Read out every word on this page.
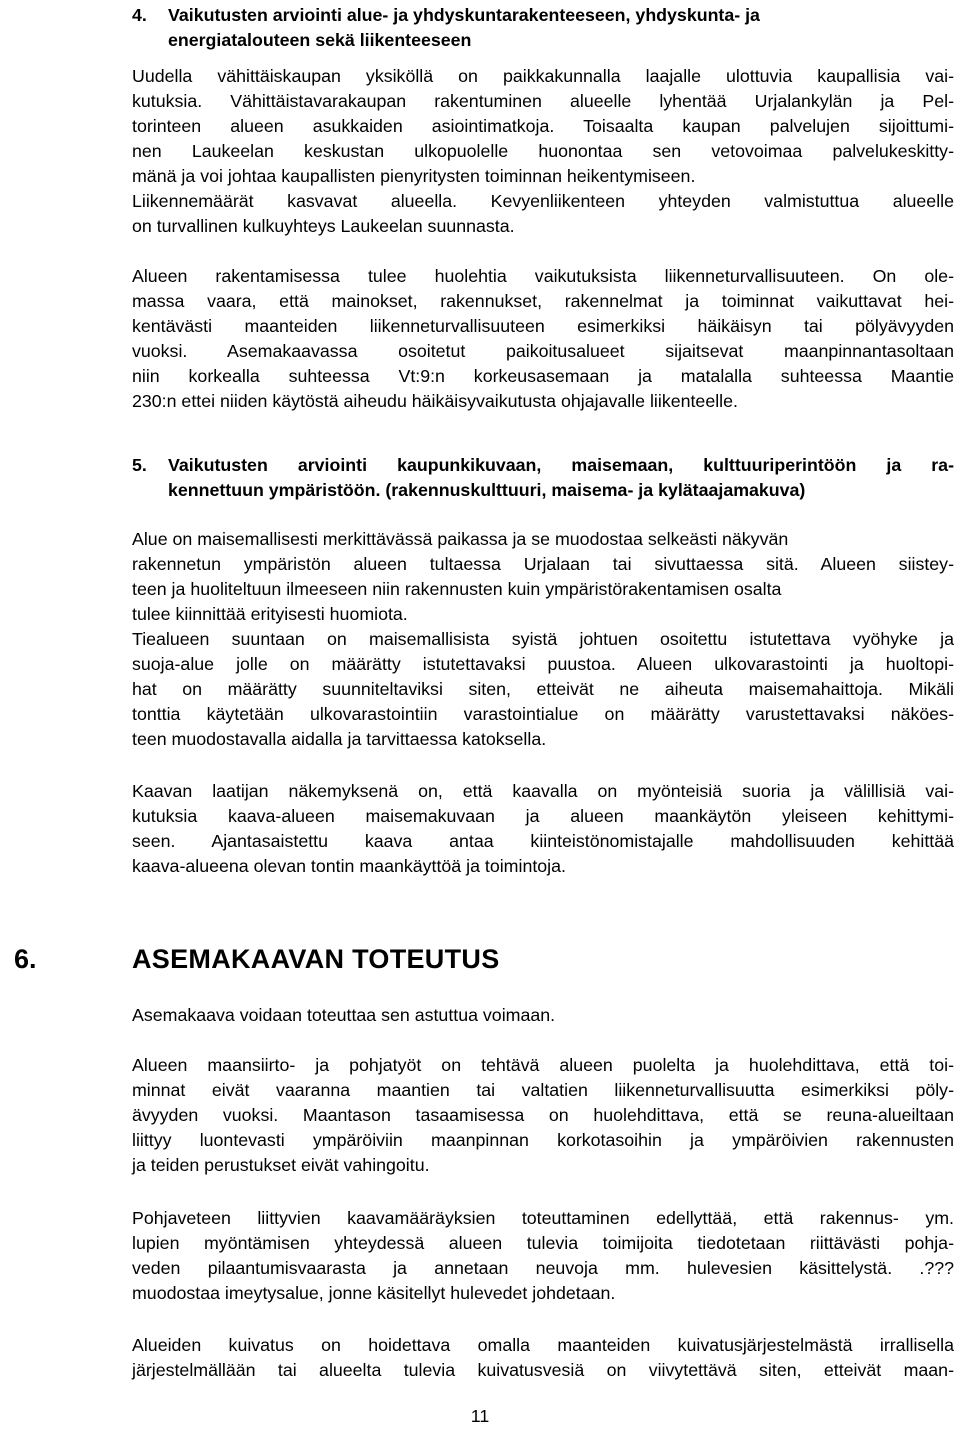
4. Vaikutusten arviointi alue- ja yhdyskuntarakenteeseen, yhdyskunta- ja
energiatalouteen sekä liikenteeseen
Uudella vähittäiskaupan yksiköllä on paikkakunnalla laajalle ulottuvia kaupallisia vai-
kutuksia. Vähittäistavarakaupan rakentuminen alueelle lyhentää Urjalankylän ja Pel-
torinteen alueen asukkaiden asiointimatkoja. Toisaalta kaupan palvelujen sijoittumi-
nen Laukeelan keskustan ulkopuolelle huonontaa sen vetovoimaa palvelukeskitty-
mänä ja voi johtaa kaupallisten pienyritysten toiminnan heikentymiseen.
Liikennemäärät kasvavat alueella. Kevyenliikenteen yhteyden valmistuttua alueelle
on turvallinen kulkuyhteys Laukeelan suunnasta.
Alueen rakentamisessa tulee huolehtia vaikutuksista liikenneturvallisuuteen. On ole-
massa vaara, että mainokset, rakennukset, rakennelmat ja toiminnat vaikuttavat hei-
kentävästi maanteiden liikenneturvallisuuteen esimerkiksi häikäisyn tai pölyävyyden
vuoksi. Asemakaavassa osoitetut paikoitusalueet sijaitsevat maanpinnantasoltaan
niin korkealla suhteessa Vt:9:n korkeusasemaan ja matalalla suhteessa Maantie
230:n ettei niiden käytöstä aiheudu häikäisyvaikutusta ohjajavalle liikenteelle.
5. Vaikutusten arviointi kaupunkikuvaan, maisemaan, kulttuuriperintöön ja ra-
kennettuun ympäristöön. (rakennuskulttuuri, maisema- ja kylätaajamakuva)
Alue on maisemallisesti merkittävässä paikassa ja se muodostaa selkeästi näkyvän
rakennetun ympäristön alueen tultaessa Urjalaan tai sivuttaessa sitä. Alueen siistey-
teen ja huoliteltuun ilmeeseen niin rakennusten kuin ympäristörakentamisen osalta
tulee kiinnittää erityisesti huomiota.
Tiealueen suuntaan on maisemallisista syistä johtuen osoitettu istutettava vyöhyke ja
suoja-alue jolle on määrätty istutettavaksi puustoa. Alueen ulkovarastointi ja huoltopi-
hat on määrätty suunniteltaviksi siten, etteivät ne aiheuta maisemahaittoja. Mikäli
tonttia käytetään ulkovarastointiin varastointialue on määrätty varustettavaksi näköes-
teen muodostavalla aidalla ja tarvittaessa katoksella.
Kaavan laatijan näkemyksenä on, että kaavalla on myönteisiä suoria ja välillisiä vai-
kutuksia kaava-alueen maisemakuvaan ja alueen maankäytön yleiseen kehittymi-
seen. Ajantasaistettu kaava antaa kiinteistönomistajalle mahdollisuuden kehittää
kaava-alueena olevan tontin maankäyttöä ja toimintoja.
6.	ASEMAKAAVAN TOTEUTUS
Asemakaava voidaan toteuttaa sen astuttua voimaan.
Alueen maansiirto- ja pohjatyöt on tehtävä alueen puolelta ja huolehdittava, että toi-
minnat eivät vaaranna maantien tai valtatien liikenneturvallisuutta esimerkiksi pöly-
ävyyden vuoksi. Maantason tasaamisessa on huolehdittava, että se reuna-alueiltaan
liittyy luontevasti ympäröiviin maanpinnan korkotasoihin ja ympäröivien rakennusten
ja teiden perustukset eivät vahingoitu.
Pohjaveteen liittyvien kaavamääräyksien toteuttaminen edellyttää, että rakennus- ym.
lupien myöntämisen yhteydessä alueen tulevia toimijoita tiedotetaan riittävästi pohja-
veden pilaantumisvaarasta ja annetaan neuvoja mm. hulevesien käsittelystä. .???
muodostaa imeytysalue, jonne käsitellyt hulevedet johdetaan.
Alueiden kuivatus on hoidettava omalla maanteiden kuivatusjärjestelmästä irrallisella
järjestelmällään tai alueelta tulevia kuivatusvesiä on viivytettävä siten, etteivät maan-
11
